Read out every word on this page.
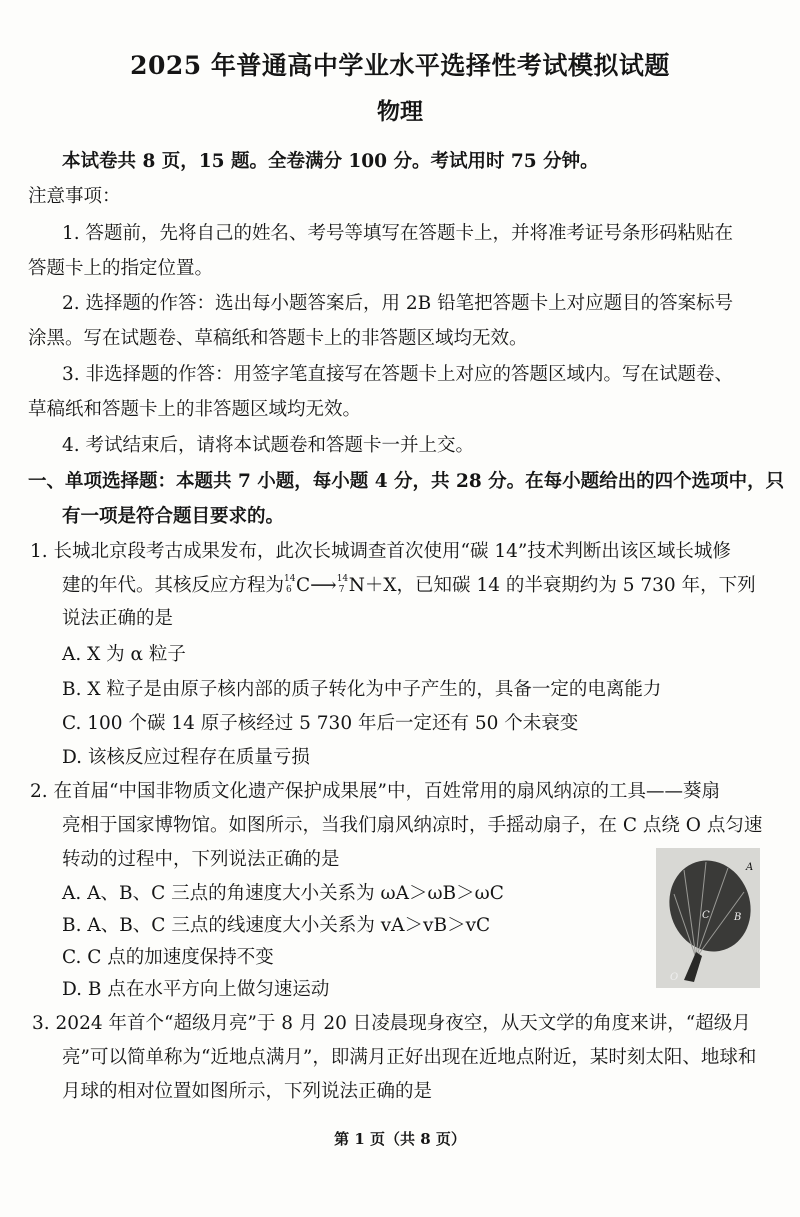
2025 年普通高中学业水平选择性考试模拟试题
物理
本试卷共 8 页，15 题。全卷满分 100 分。考试用时 75 分钟。
注意事项：
1. 答题前，先将自己的姓名、考号等填写在答题卡上，并将准考证号条形码粘贴在
答题卡上的指定位置。
2. 选择题的作答：选出每小题答案后，用 2B 铅笔把答题卡上对应题目的答案标号
涂黑。写在试题卷、草稿纸和答题卡上的非答题区域均无效。
3. 非选择题的作答：用签字笔直接写在答题卡上对应的答题区域内。写在试题卷、
草稿纸和答题卡上的非答题区域均无效。
4. 考试结束后，请将本试题卷和答题卡一并上交。
一、单项选择题：本题共 7 小题，每小题 4 分，共 28 分。在每小题给出的四个选项中，只
有一项是符合题目要求的。
1. 长城北京段考古成果发布，此次长城调查首次使用“碳 14”技术判断出该区域长城修
建的年代。其核反应方程为 14
6 C⟶ 14
7 N＋X，已知碳 14 的半衰期约为 5 730 年，下列
说法正确的是
A. X 为 α 粒子
B. X 粒子是由原子核内部的质子转化为中子产生的，具备一定的电离能力
C. 100 个碳 14 原子核经过 5 730 年后一定还有 50 个未衰变
D. 该核反应过程存在质量亏损
2. 在首届“中国非物质文化遗产保护成果展”中，百姓常用的扇风纳凉的工具——葵扇
亮相于国家博物馆。如图所示，当我们扇风纳凉时，手摇动扇子，在 C 点绕 O 点匀速
转动的过程中，下列说法正确的是
A. A、B、C 三点的角速度大小关系为 ωA＞ωB＞ωC
B. A、B、C 三点的线速度大小关系为 vA＞vB＞vC
C. C 点的加速度保持不变
D. B 点在水平方向上做匀速运动
A
B
C
O
3. 2024 年首个“超级月亮”于 8 月 20 日凌晨现身夜空，从天文学的角度来讲，“超级月
亮”可以简单称为“近地点满月”，即满月正好出现在近地点附近，某时刻太阳、地球和
月球的相对位置如图所示，下列说法正确的是
第 1 页（共 8 页）
